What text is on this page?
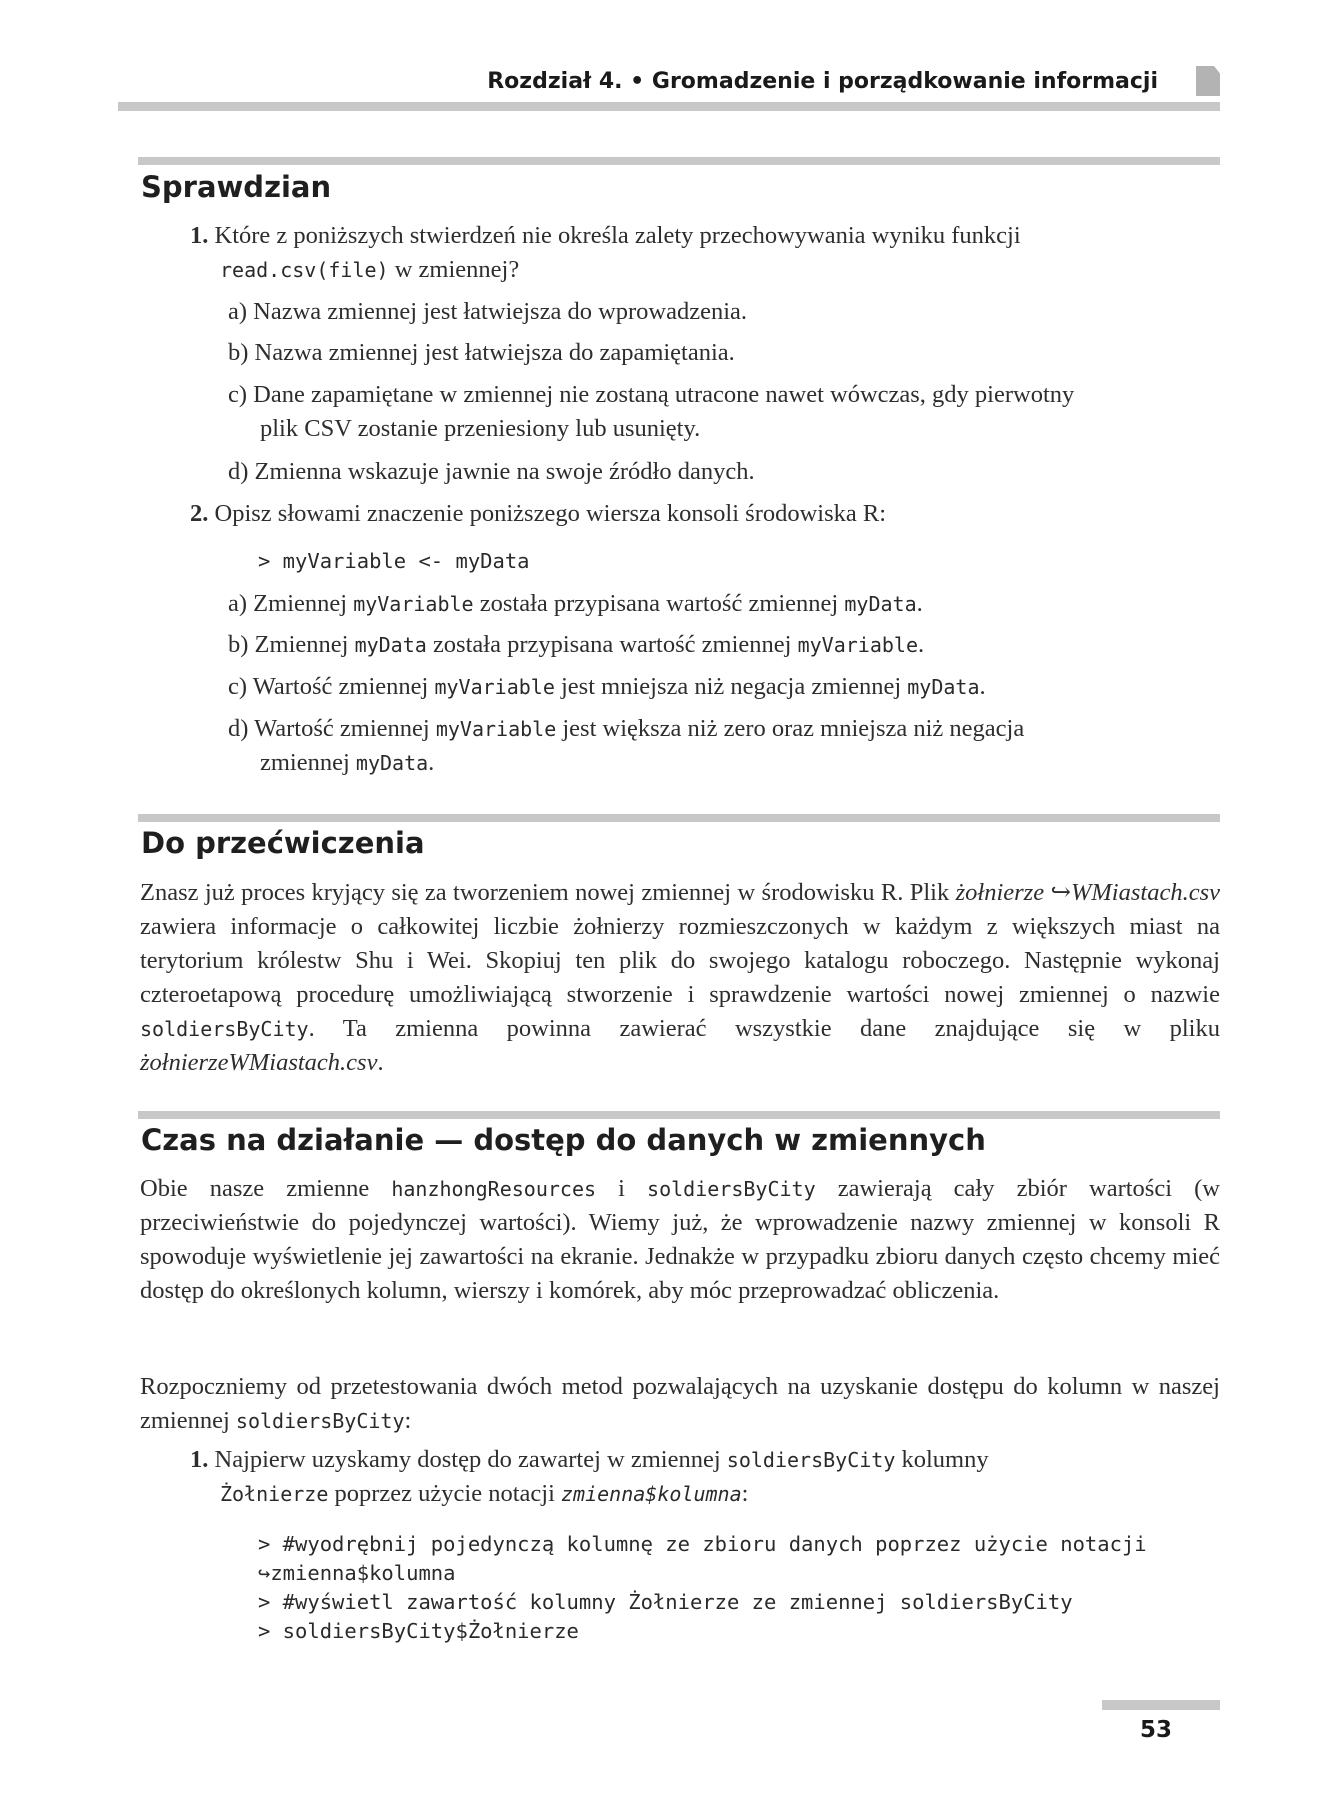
Rozdział 4. • Gromadzenie i porządkowanie informacji
Sprawdzian
1. Które z poniższych stwierdzeń nie określa zalety przechowywania wyniku funkcji
read.csv(file) w zmiennej?
a) Nazwa zmiennej jest łatwiejsza do wprowadzenia.
b) Nazwa zmiennej jest łatwiejsza do zapamiętania.
c) Dane zapamiętane w zmiennej nie zostaną utracone nawet wówczas, gdy pierwotny
plik CSV zostanie przeniesiony lub usunięty.
d) Zmienna wskazuje jawnie na swoje źródło danych.
2. Opisz słowami znaczenie poniższego wiersza konsoli środowiska R:
> myVariable <- myData
a) Zmiennej myVariable została przypisana wartość zmiennej myData.
b) Zmiennej myData została przypisana wartość zmiennej myVariable.
c) Wartość zmiennej myVariable jest mniejsza niż negacja zmiennej myData.
d) Wartość zmiennej myVariable jest większa niż zero oraz mniejsza niż negacja
zmiennej myData.
Do przećwiczenia
Znasz już proces kryjący się za tworzeniem nowej zmiennej w środowisku R. Plik żołnierze ↪WMiastach.csv zawiera informacje o całkowitej liczbie żołnierzy rozmieszczonych w każdym z większych miast na terytorium królestw Shu i Wei. Skopiuj ten plik do swojego katalogu roboczego. Następnie wykonaj czteroetapową procedurę umożliwiającą stworzenie i sprawdzenie wartości nowej zmiennej o nazwie soldiersByCity. Ta zmienna powinna zawierać wszystkie dane znajdujące się w pliku żołnierzeWMiastach.csv.
Czas na działanie — dostęp do danych w zmiennych
Obie nasze zmienne hanzhongResources i soldiersByCity zawierają cały zbiór wartości (w przeciwieństwie do pojedynczej wartości). Wiemy już, że wprowadzenie nazwy zmiennej w konsoli R spowoduje wyświetlenie jej zawartości na ekranie. Jednakże w przypadku zbioru danych często chcemy mieć dostęp do określonych kolumn, wierszy i komórek, aby móc przeprowadzać obliczenia.
Rozpoczniemy od przetestowania dwóch metod pozwalających na uzyskanie dostępu do kolumn w naszej zmiennej soldiersByCity:
1. Najpierw uzyskamy dostęp do zawartej w zmiennej soldiersByCity kolumny
Żołnierze poprzez użycie notacji zmienna$kolumna:
> #wyodrębnij pojedynczą kolumnę ze zbioru danych poprzez użycie notacji
↪zmienna$kolumna
> #wyświetl zawartość kolumny Żołnierze ze zmiennej soldiersByCity
> soldiersByCity$Żołnierze
53
